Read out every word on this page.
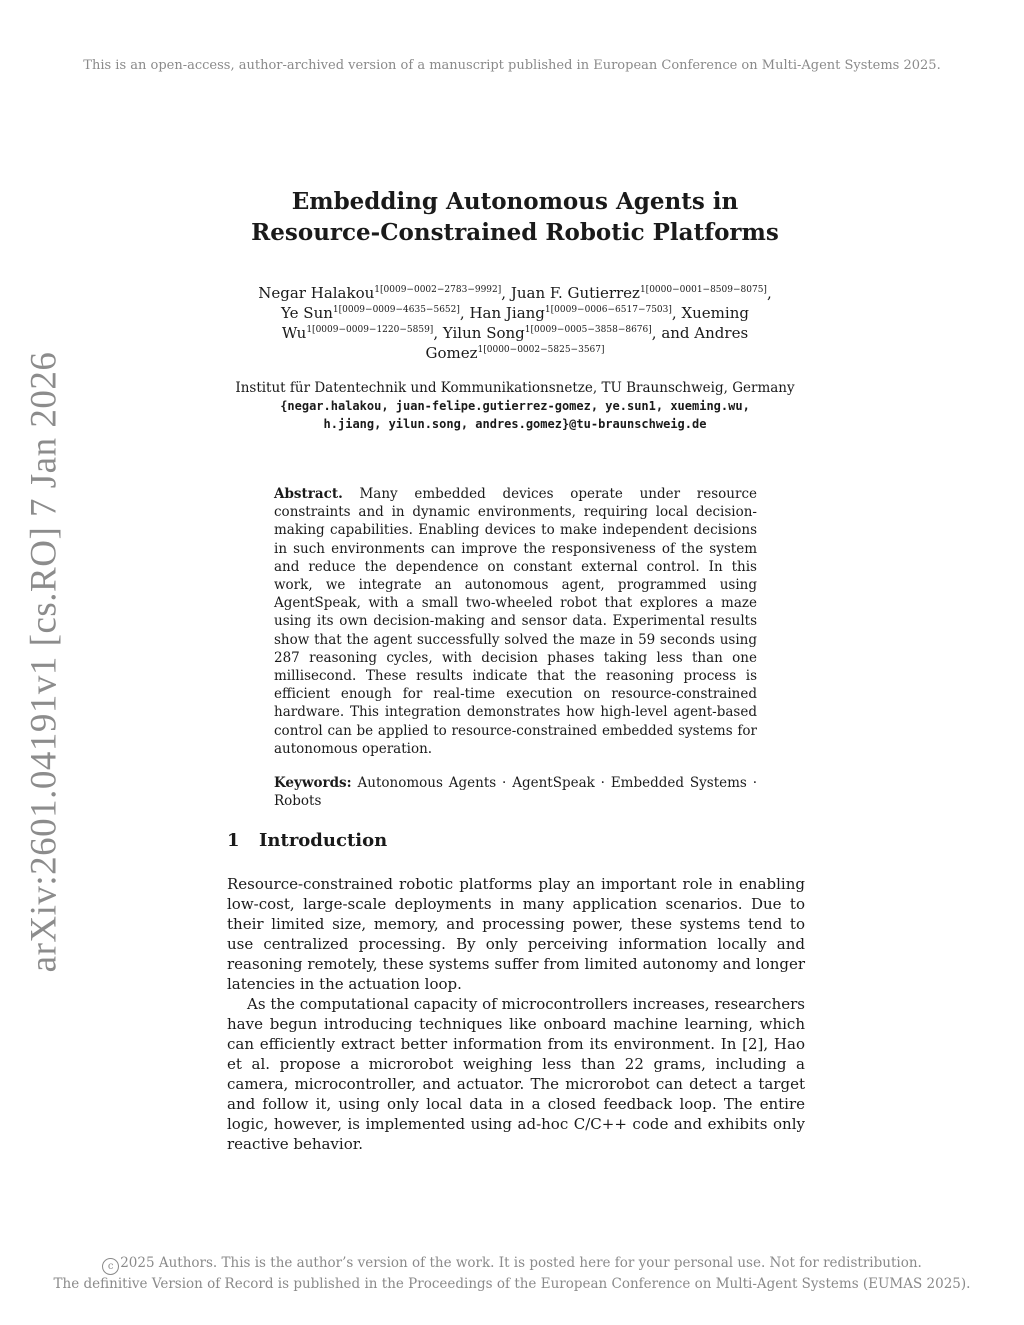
This is an open-access, author-archived version of a manuscript published in European Conference on Multi-Agent Systems 2025.
arXiv:2601.04191v1 [cs.RO] 7 Jan 2026
Embedding Autonomous Agents in
Resource-Constrained Robotic Platforms
Negar Halakou$^{1[0009-0002-2783-9992]}$, Juan F. Gutierrez$^{1[0000-0001-8509-8075]}$,
Ye Sun$^{1[0009-0009-4635-5652]}$, Han Jiang$^{1[0009-0006-6517-7503]}$, Xueming
$Wu^{1[0009-0009-1220-5859]}$, Yilun Song$^{1[0009-0005-3858-8676]}$, and Andres
Gomez$^{1[0000-0002-5825-3567]}$
Institut für Datentechnik und Kommunikationsnetze, TU Braunschweig, Germany
{negar.halakou, juan-felipe.gutierrez-gomez, ye.sun1, xueming.wu,
h.jiang, yilun.song, andres.gomez}@tu-braunschweig.de
Abstract. Many embedded devices operate under resource constraints and in dynamic environments, requiring local decision-making capabilities. Enabling devices to make independent decisions in such environments can improve the responsiveness of the system and reduce the dependence on constant external control. In this work, we integrate an autonomous agent, programmed using AgentSpeak, with a small two-wheeled robot that explores a maze using its own decision-making and sensor data. Experimental results show that the agent successfully solved the maze in 59 seconds using 287 reasoning cycles, with decision phases taking less than one millisecond. These results indicate that the reasoning process is efficient enough for real-time execution on resource-constrained hardware. This integration demonstrates how high-level agent-based control can be applied to resource-constrained embedded systems for autonomous operation.
Keywords: Autonomous Agents · AgentSpeak · Embedded Systems · Robots
1 Introduction

Resource-constrained robotic platforms play an important role in enabling low-cost, large-scale deployments in many application scenarios. Due to their limited size, memory, and processing power, these systems tend to use centralized processing. By only perceiving information locally and reasoning remotely, these systems suffer from limited autonomy and longer latencies in the actuation loop.

As the computational capacity of microcontrollers increases, researchers have begun introducing techniques like onboard machine learning, which can efficiently extract better information from its environment. In [2], Hao et al. propose a microrobot weighing less than 22 grams, including a camera, microcontroller, and actuator. The microrobot can detect a target and follow it, using only local data in a closed feedback loop. The entire logic, however, is implemented using ad-hoc C/C++ code and exhibits only reactive behavior.

c 2025 Authors. This is the author’s version of the work. It is posted here for your personal use. Not for redistribution.
The definitive Version of Record is published in the Proceedings of the European Conference on Multi-Agent Systems (EUMAS 2025).
